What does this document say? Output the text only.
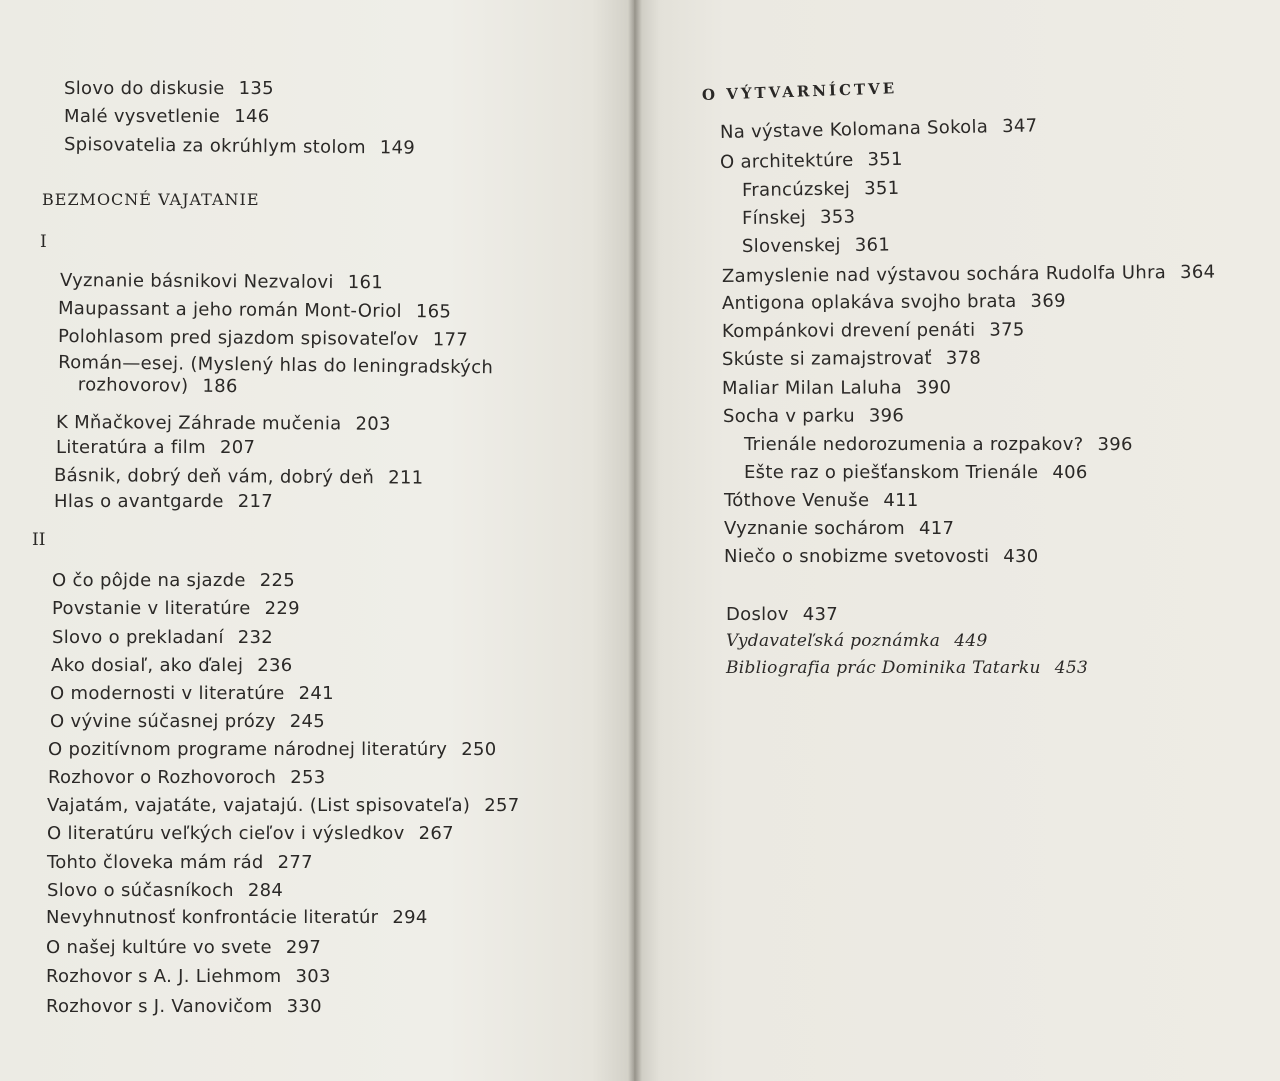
Slovo do diskusie 135
Malé vysvetlenie 146
Spisovatelia za okrúhlym stolom 149
BEZMOCNÉ VAJATANIE
I
Vyznanie básnikovi Nezvalovi 161
Maupassant a jeho román Mont-Oriol 165
Polohlasom pred sjazdom spisovateľov 177
Román—esej. (Myslený hlas do leningradských
rozhovorov) 186
K Mňačkovej Záhrade mučenia 203
Literatúra a film 207
Básnik, dobrý deň vám, dobrý deň 211
Hlas o avantgarde 217
II
O čo pôjde na sjazde 225
Povstanie v literatúre 229
Slovo o prekladaní 232
Ako dosiaľ, ako ďalej 236
O modernosti v literatúre 241
O vývine súčasnej prózy 245
O pozitívnom programe národnej literatúry 250
Rozhovor o Rozhovoroch 253
Vajatám, vajatáte, vajatajú. (List spisovateľa) 257
O literatúru veľkých cieľov i výsledkov 267
Tohto človeka mám rád 277
Slovo o súčasníkoch 284
Nevyhnutnosť konfrontácie literatúr 294
O našej kultúre vo svete 297
Rozhovor s A. J. Liehmom 303
Rozhovor s J. Vanovičom 330
O VÝTVARNÍCTVE
Na výstave Kolomana Sokola 347
O architektúre 351
Francúzskej 351
Fínskej 353
Slovenskej 361
Zamyslenie nad výstavou sochára Rudolfa Uhra 364
Antigona oplakáva svojho brata 369
Kompánkovi drevení penáti 375
Skúste si zamajstrovať 378
Maliar Milan Laluha 390
Socha v parku 396
Trienále nedorozumenia a rozpakov? 396
Ešte raz o piešťanskom Trienále 406
Tóthove Venuše 411
Vyznanie sochárom 417
Niečo o snobizme svetovosti 430
Doslov 437
Vydavateľská poznámka 449
Bibliografia prác Dominika Tatarku 453
